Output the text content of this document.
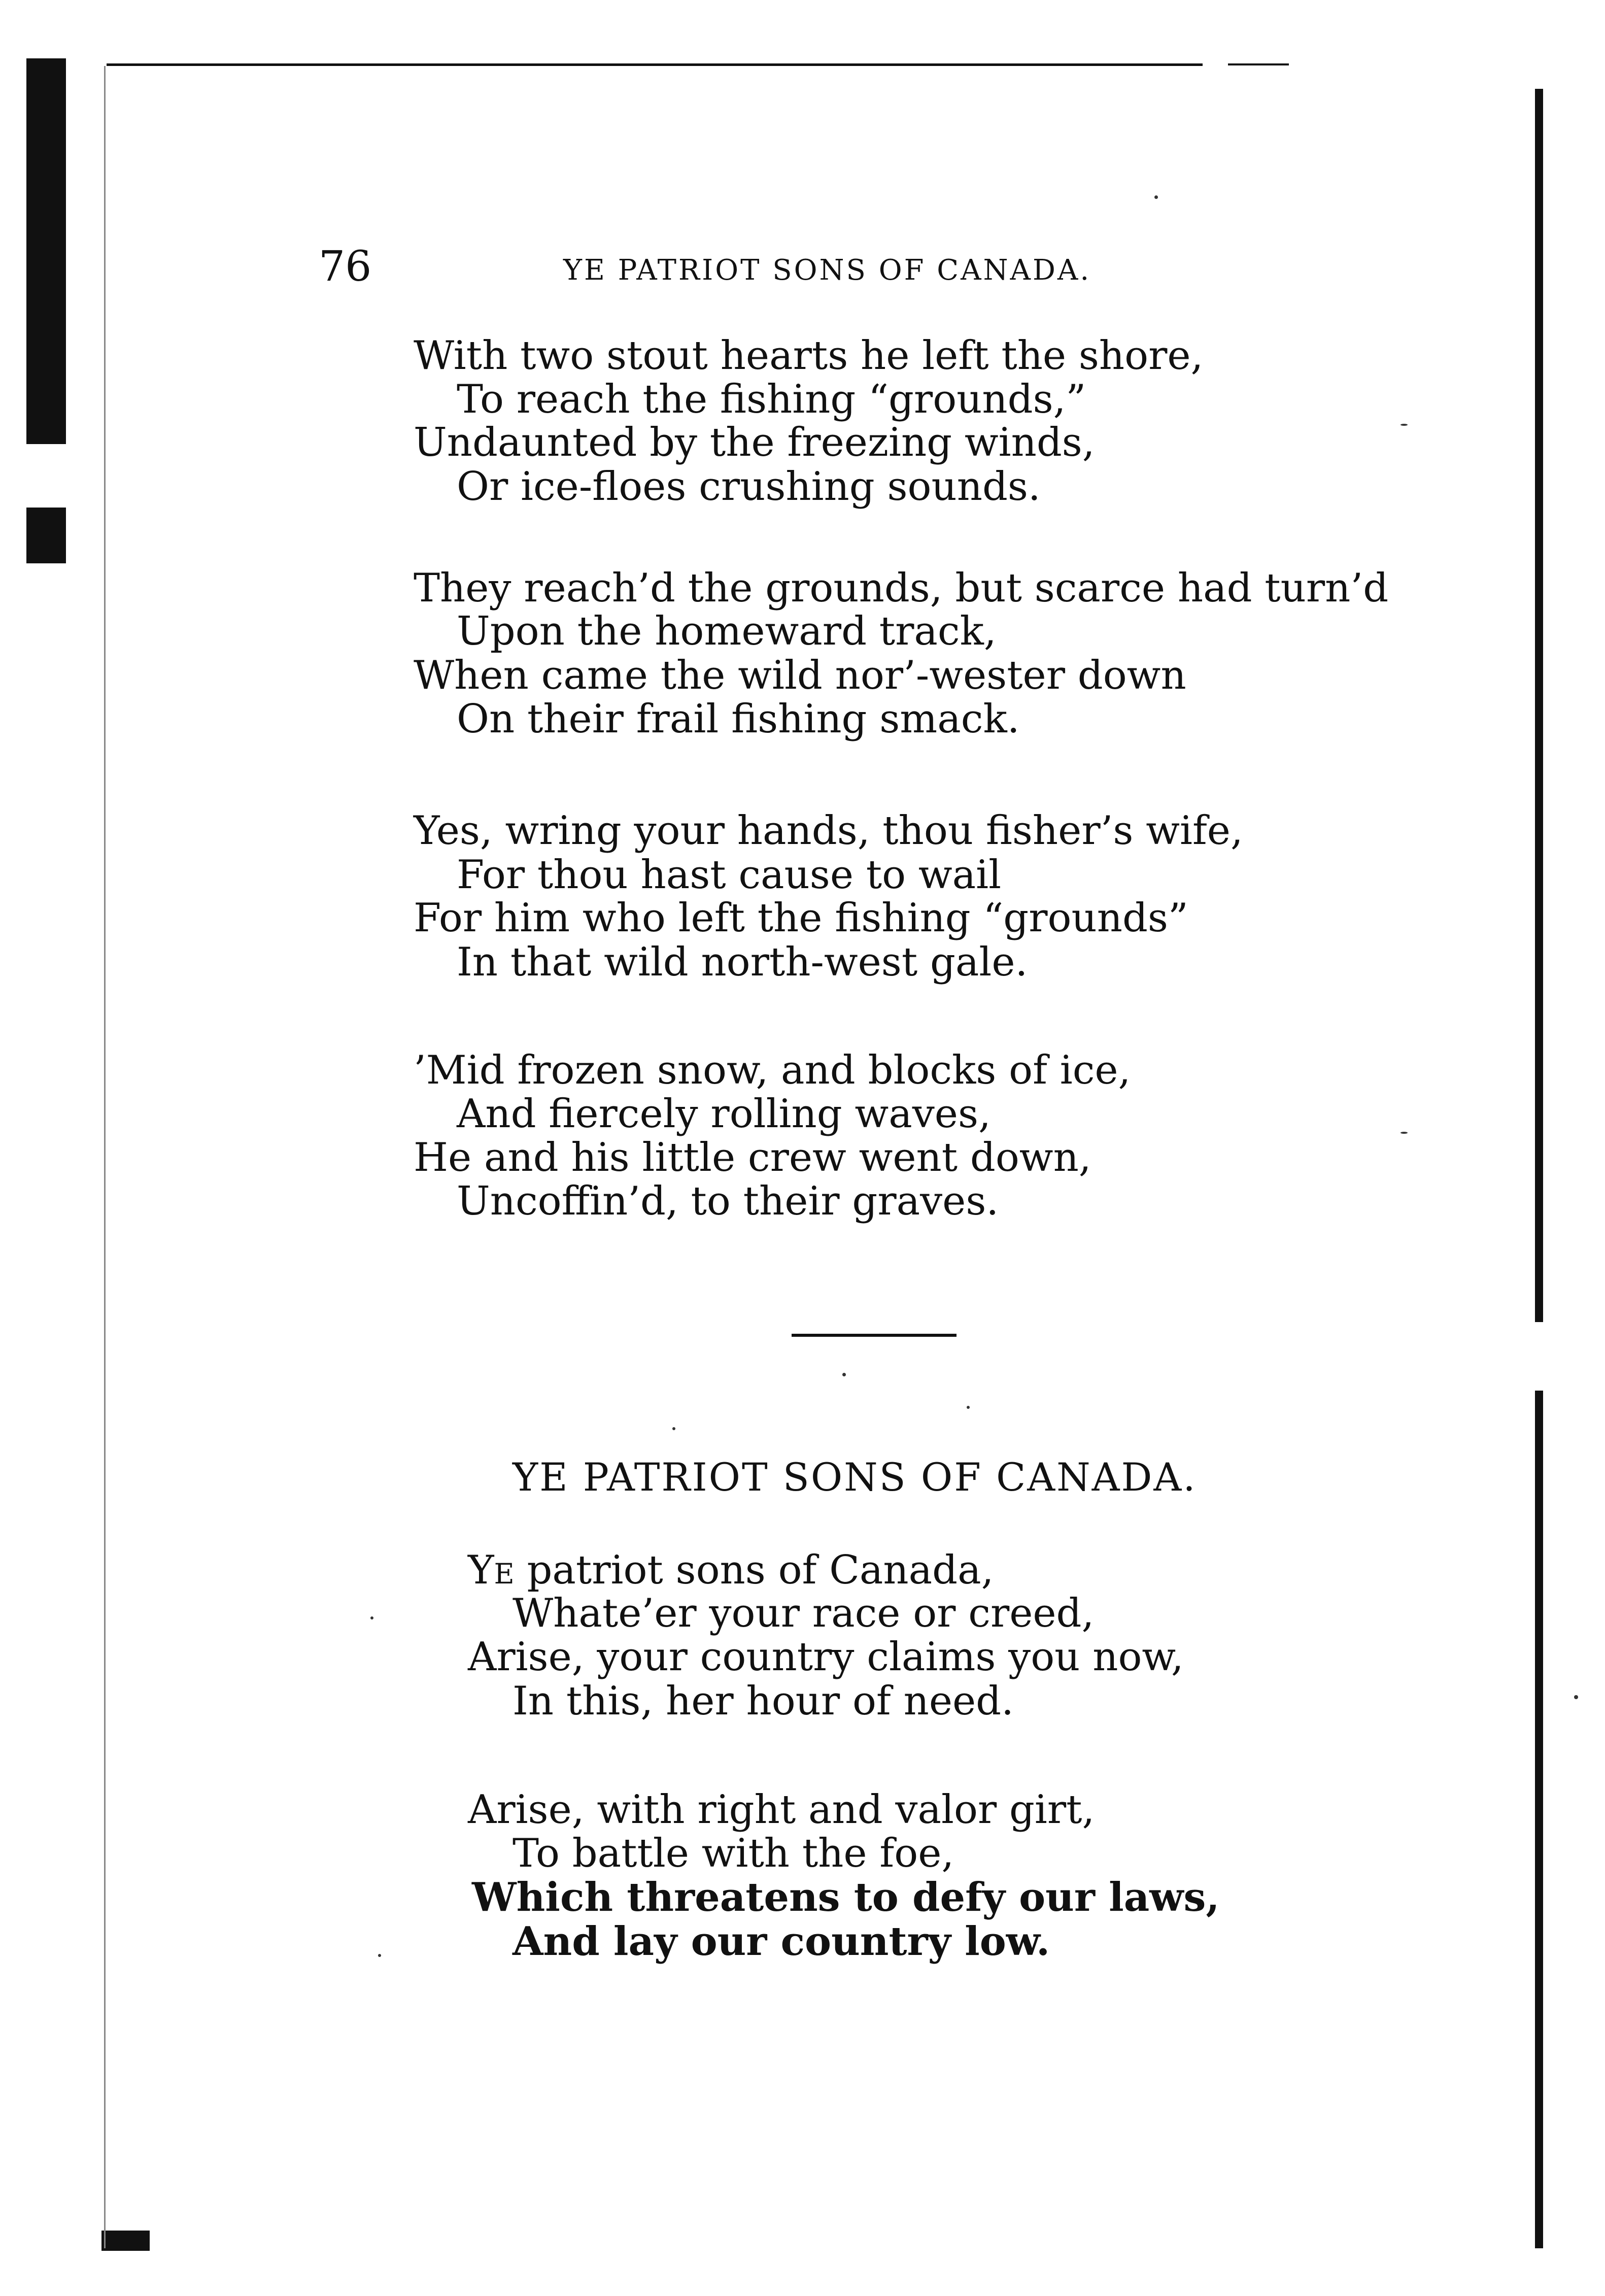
76	YE PATRIOT SONS OF CANADA.
With two stout hearts he left the shore,
To reach the fishing “grounds,”
Undaunted by the freezing winds,
Or ice-floes crushing sounds.
They reach’d the grounds, but scarce had turn’d
Upon the homeward track,
When came the wild nor’-wester down
On their frail fishing smack.
Yes, wring your hands, thou fisher’s wife,
For thou hast cause to wail
For him who left the fishing “grounds”
In that wild north-west gale.
’Mid frozen snow, and blocks of ice,
And fiercely rolling waves,
He and his little crew went down,
Uncoffin’d, to their graves.
YE PATRIOT SONS OF CANADA.
Ye patriot sons of Canada,
Whate’er your race or creed,
Arise, your country claims you now,
In this, her hour of need.
Arise, with right and valor girt,
To battle with the foe,
Which threatens to defy our laws,
And lay our country low.
